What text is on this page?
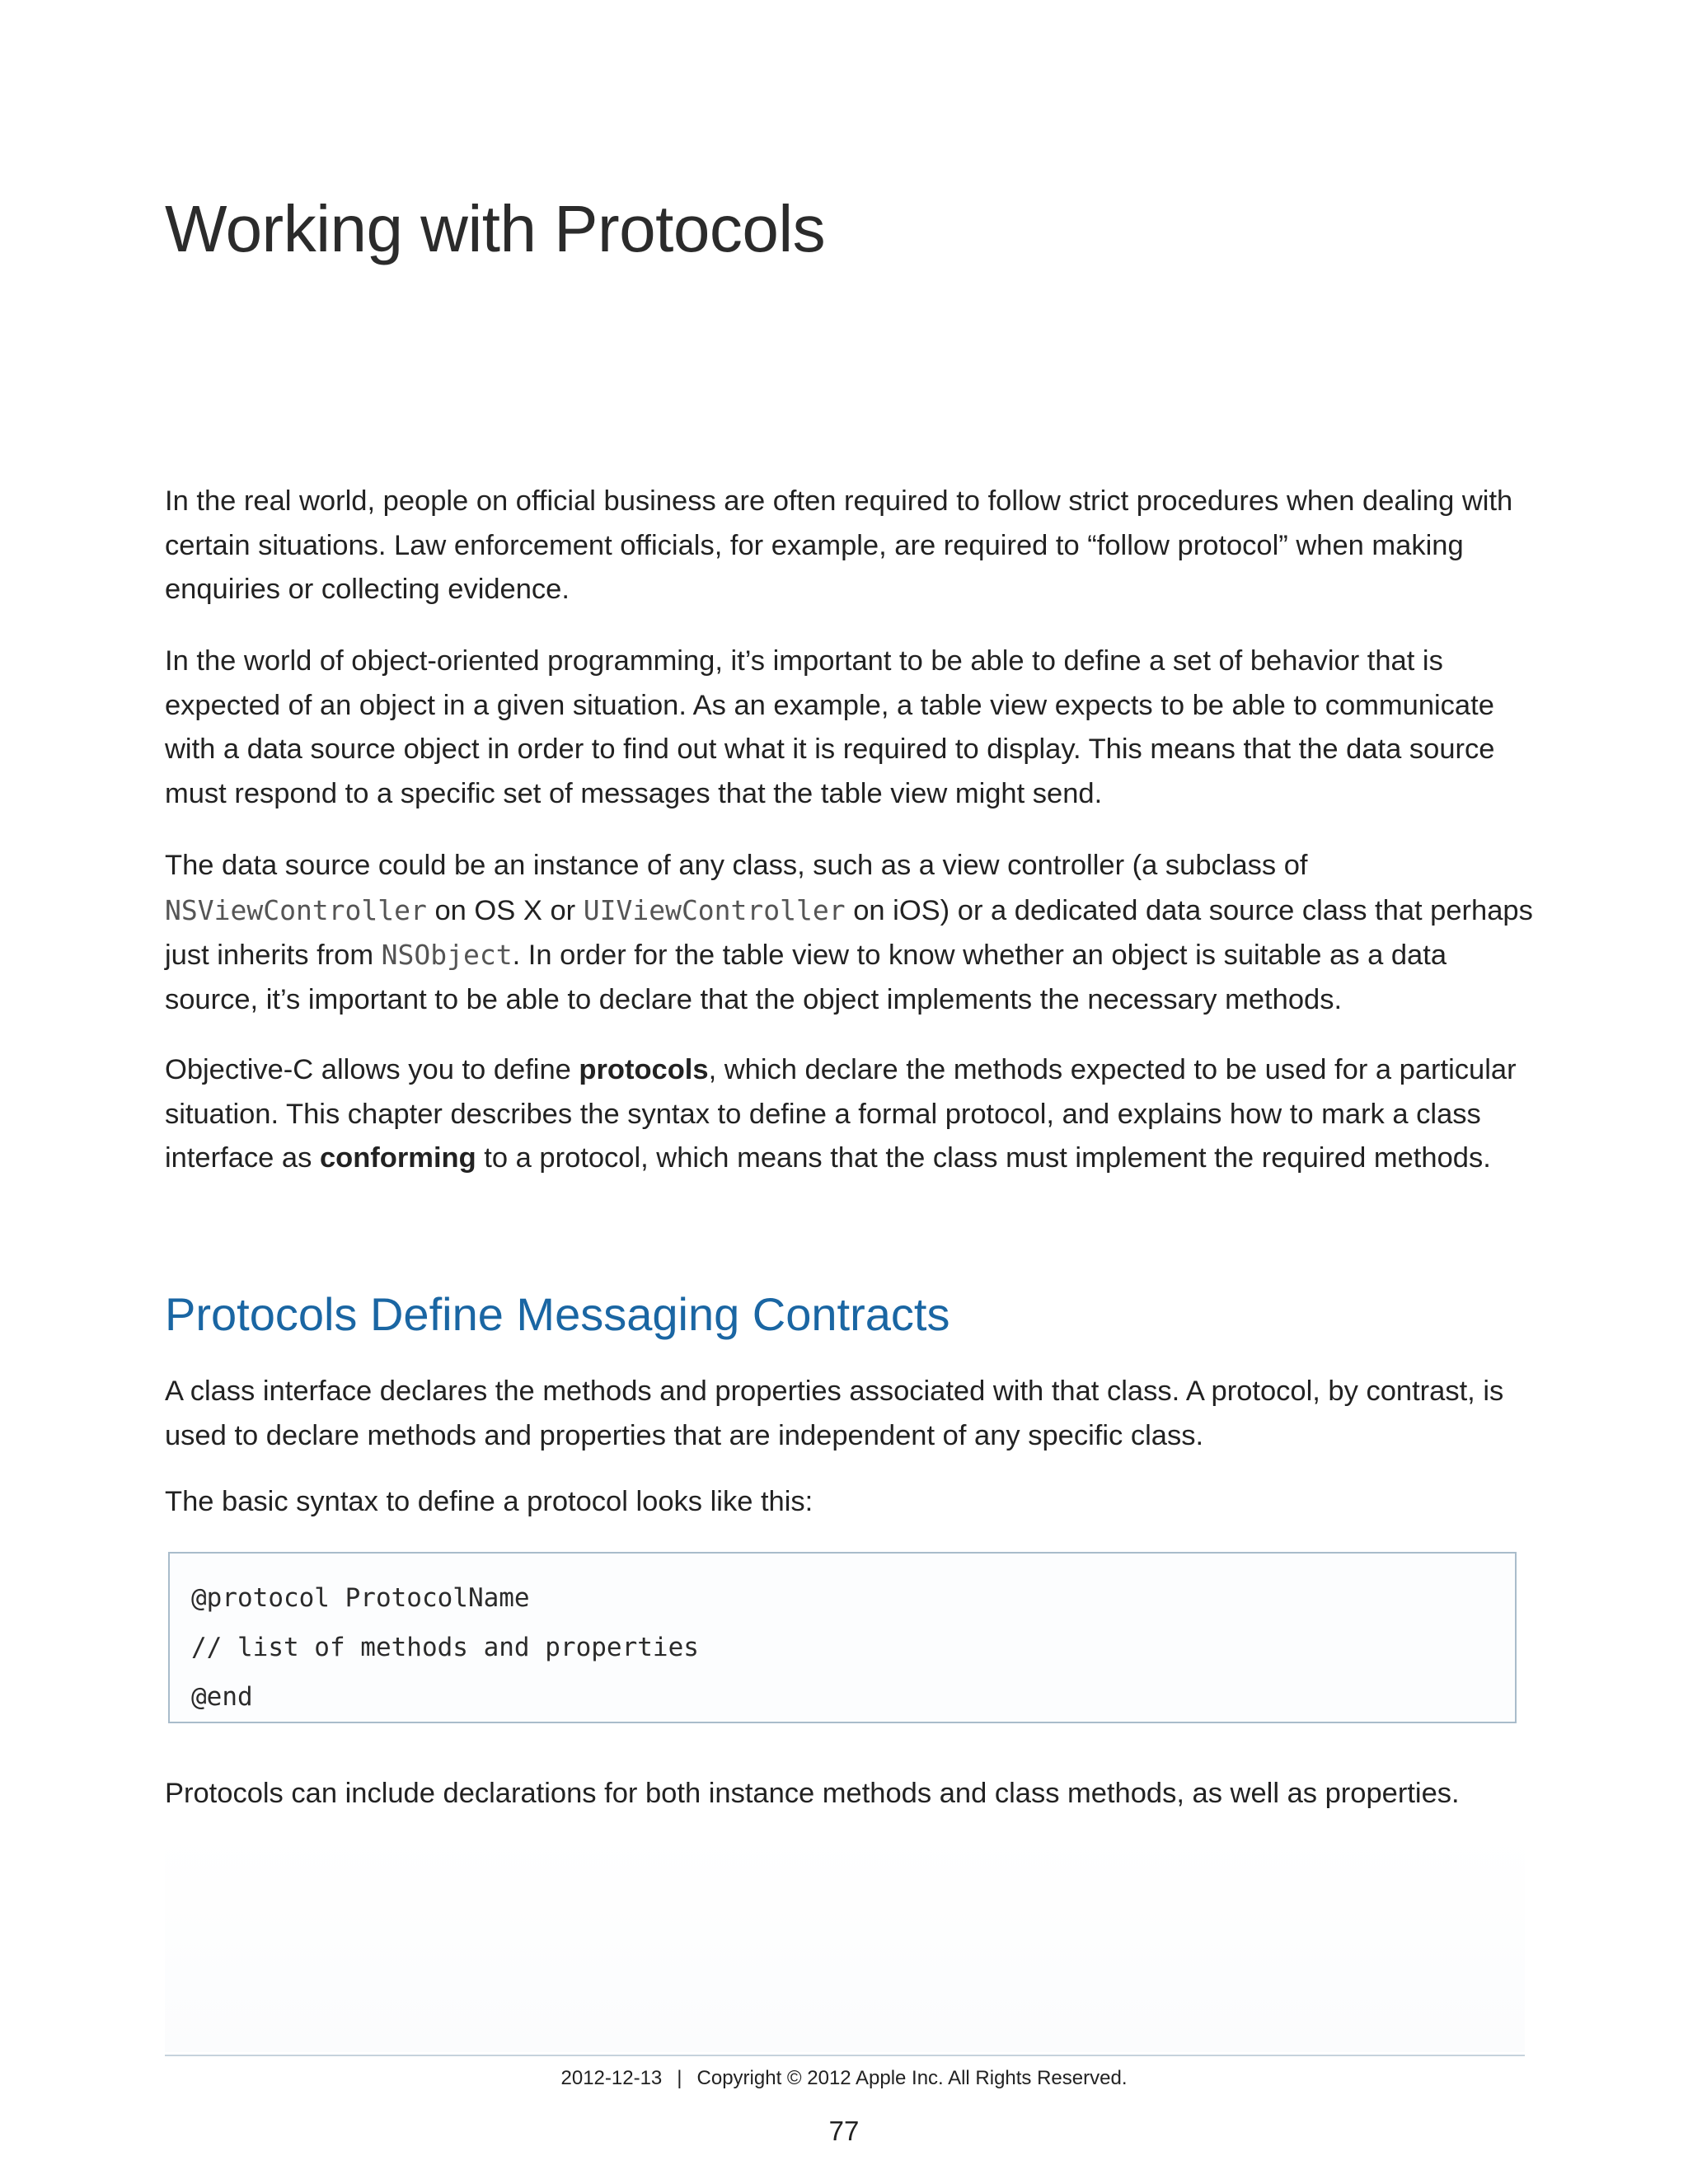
Working with Protocols

In the real world, people on official business are often required to follow strict procedures when dealing with certain situations. Law enforcement officials, for example, are required to “follow protocol” when making enquiries or collecting evidence.

In the world of object-oriented programming, it’s important to be able to define a set of behavior that is expected of an object in a given situation. As an example, a table view expects to be able to communicate with a data source object in order to find out what it is required to display. This means that the data source must respond to a specific set of messages that the table view might send.

The data source could be an instance of any class, such as a view controller (a subclass of NSViewController on OS X or UIViewController on iOS) or a dedicated data source class that perhaps just inherits from NSObject. In order for the table view to know whether an object is suitable as a data source, it’s important to be able to declare that the object implements the necessary methods.

Objective-C allows you to define protocols, which declare the methods expected to be used for a particular situation. This chapter describes the syntax to define a formal protocol, and explains how to mark a class interface as conforming to a protocol, which means that the class must implement the required methods.

Protocols Define Messaging Contracts

A class interface declares the methods and properties associated with that class. A protocol, by contrast, is used to declare methods and properties that are independent of any specific class.

The basic syntax to define a protocol looks like this:

@protocol ProtocolName
// list of methods and properties
@end

Protocols can include declarations for both instance methods and class methods, as well as properties.

2012-12-13 | Copyright © 2012 Apple Inc. All Rights Reserved.
77
